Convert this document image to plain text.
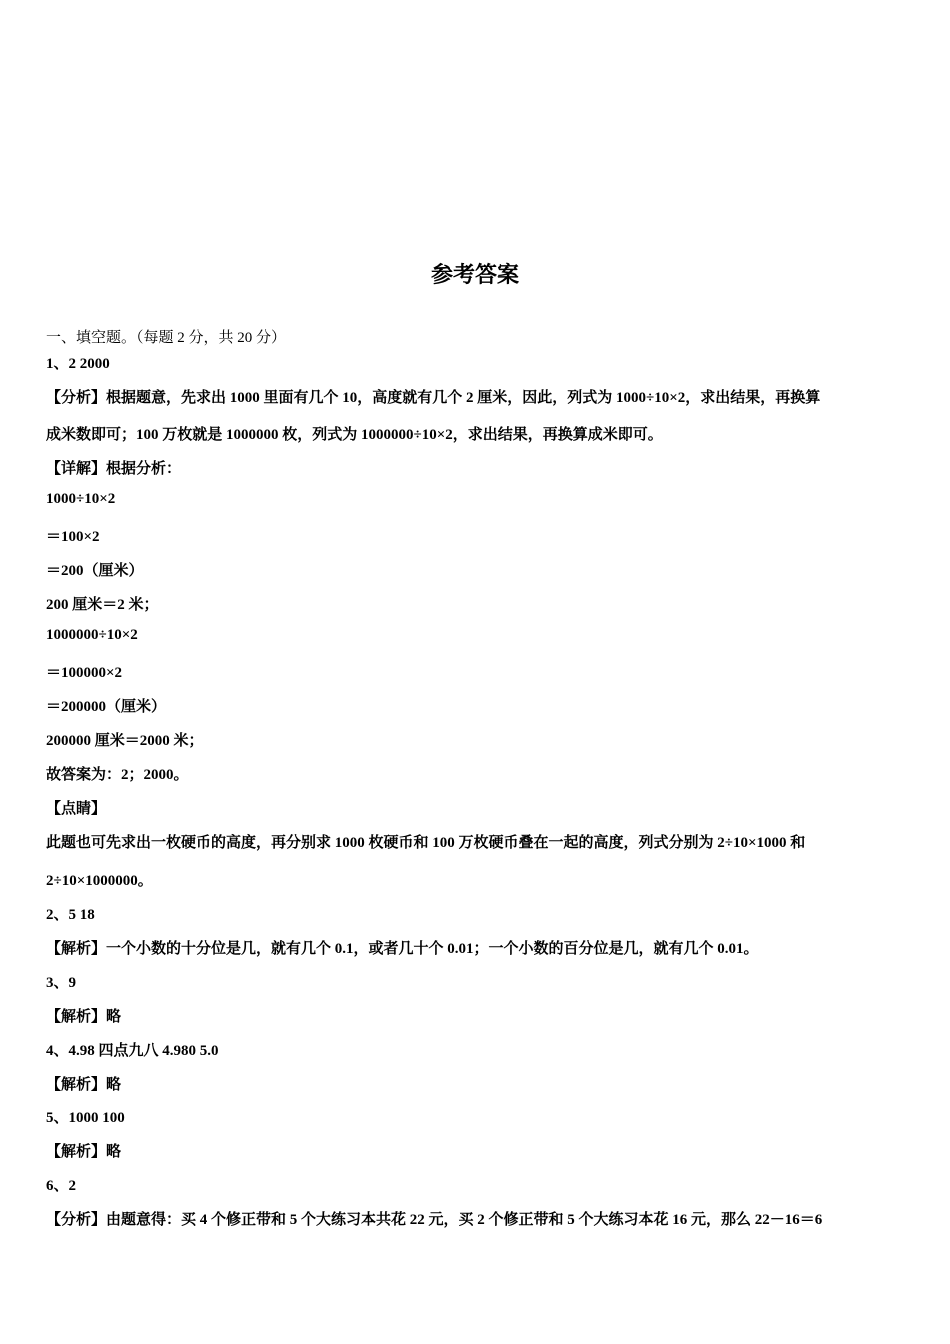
参考答案
一、填空题。（每题 2 分，共 20 分）
1、2 2000
【分析】根据题意，先求出 1000 里面有几个 10，高度就有几个 2 厘米，因此，列式为 1000÷10×2，求出结果，再换算
成米数即可；100 万枚就是 1000000 枚，列式为 1000000÷10×2，求出结果，再换算成米即可。
【详解】根据分析：
1000÷10×2
＝100×2
＝200（厘米）
200 厘米＝2 米；
1000000÷10×2
＝100000×2
＝200000（厘米）
200000 厘米＝2000 米；
故答案为：2；2000。
【点睛】
此题也可先求出一枚硬币的高度，再分别求 1000 枚硬币和 100 万枚硬币叠在一起的高度，列式分别为 2÷10×1000 和
2÷10×1000000。
2、5 18
【解析】一个小数的十分位是几，就有几个 0.1，或者几十个 0.01；一个小数的百分位是几，就有几个 0.01。
3、9
【解析】略
4、4.98 四点九八 4.980 5.0
【解析】略
5、1000 100
【解析】略
6、2
【分析】由题意得：买 4 个修正带和 5 个大练习本共花 22 元，买 2 个修正带和 5 个大练习本花 16 元，那么 22－16＝6
